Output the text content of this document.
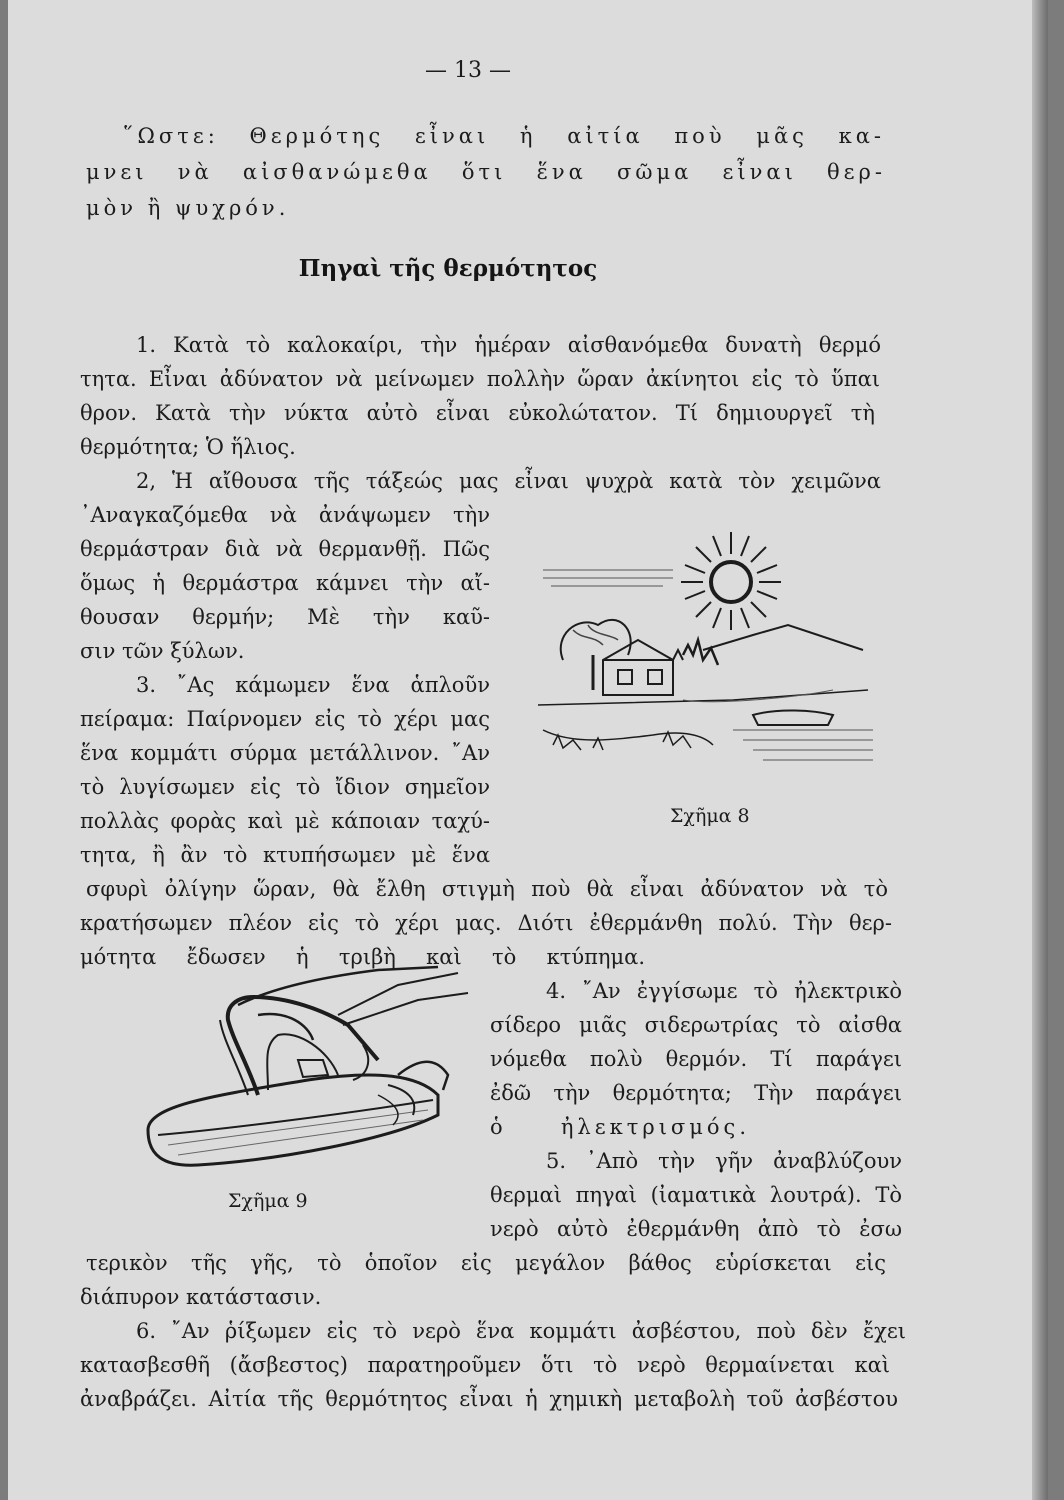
— 13 —

῞Ωστε: Θερμότης εἶναι ἡ αἰτία ποὺ μᾶς κα-

μνει νὰ αἰσθανώμεθα ὅτι ἕνα σῶμα εἶναι θερ-

μὸν ἢ ψυχρόν.

Πηγαὶ τῆς θερμότητος

1. Κατὰ τὸ καλοκαίρι, τὴν ἡμέραν αἰσθανόμεθα δυνατὴ θερμό

τητα. Εἶναι ἀδύνατον νὰ μείνωμεν πολλὴν ὥραν ἀκίνητοι εἰς τὸ ὕπαι

θρον. Κατὰ τὴν νύκτα αὐτὸ εἶναι εὐκολώτατον. Τί δημιουργεῖ τὴ

θερμότητα; Ὁ ἥλιος.

2, Ἡ αἴθουσα τῆς τάξεώς μας εἶναι ψυχρὰ κατὰ τὸν χειμῶνα

᾿Αναγκαζόμεθα νὰ ἀνάψωμεν τὴν

θερμάστραν διὰ νὰ θερμανθῇ. Πῶς

ὅμως ἡ θερμάστρα κάμνει τὴν αἴ-

θουσαν θερμήν; Μὲ τὴν καῦ-

σιν τῶν ξύλων.

3. ῎Ας κάμωμεν ἕνα ἁπλοῦν

πείραμα: Παίρνομεν εἰς τὸ χέρι μας

ἕνα κομμάτι σύρμα μετάλλινον. ῎Αν

τὸ λυγίσωμεν εἰς τὸ ἴδιον σημεῖον

πολλὰς φορὰς καὶ μὲ κάποιαν ταχύ-

τητα, ἢ ἂν τὸ κτυπήσωμεν μὲ ἕνα

σφυρὶ ὀλίγην ὥραν, θὰ ἔλθη στιγμὴ ποὺ θὰ εἶναι ἀδύνατον νὰ τὸ

κρατήσωμεν πλέον εἰς τὸ χέρι μας. Διότι ἐθερμάνθη πολύ. Τὴν θερ-

μότητα ἔδωσεν ἡ τριβὴ καὶ τὸ κτύπημα.

4. ῎Αν ἐγγίσωμε τὸ ἠλεκτρικὸ

σίδερο μιᾶς σιδερωτρίας τὸ αἰσθα

νόμεθα πολὺ θερμόν. Τί παράγει

ἐδῶ τὴν θερμότητα; Τὴν παράγει

ὁ ἠλεκτρισμός.

5. ᾿Απὸ τὴν γῆν ἀναβλύζουν

θερμαὶ πηγαὶ (ἰαματικὰ λουτρά). Τὸ

νερὸ αὐτὸ ἐθερμάνθη ἀπὸ τὸ ἐσω

τερικὸν τῆς γῆς, τὸ ὁποῖον εἰς μεγάλον βάθος εὑρίσκεται εἰς

διάπυρον κατάστασιν.

6. ῎Αν ῥίξωμεν εἰς τὸ νερὸ ἕνα κομμάτι ἀσβέστου, ποὺ δὲν ἔχει

κατασβεσθῆ (ἄσβεστος) παρατηροῦμεν ὅτι τὸ νερὸ θερμαίνεται καὶ

ἀναβράζει. Αἰτία τῆς θερμότητος εἶναι ἡ χημικὴ μεταβολὴ τοῦ ἀσβέστου

Σχῆμα 8

Σχῆμα 9
